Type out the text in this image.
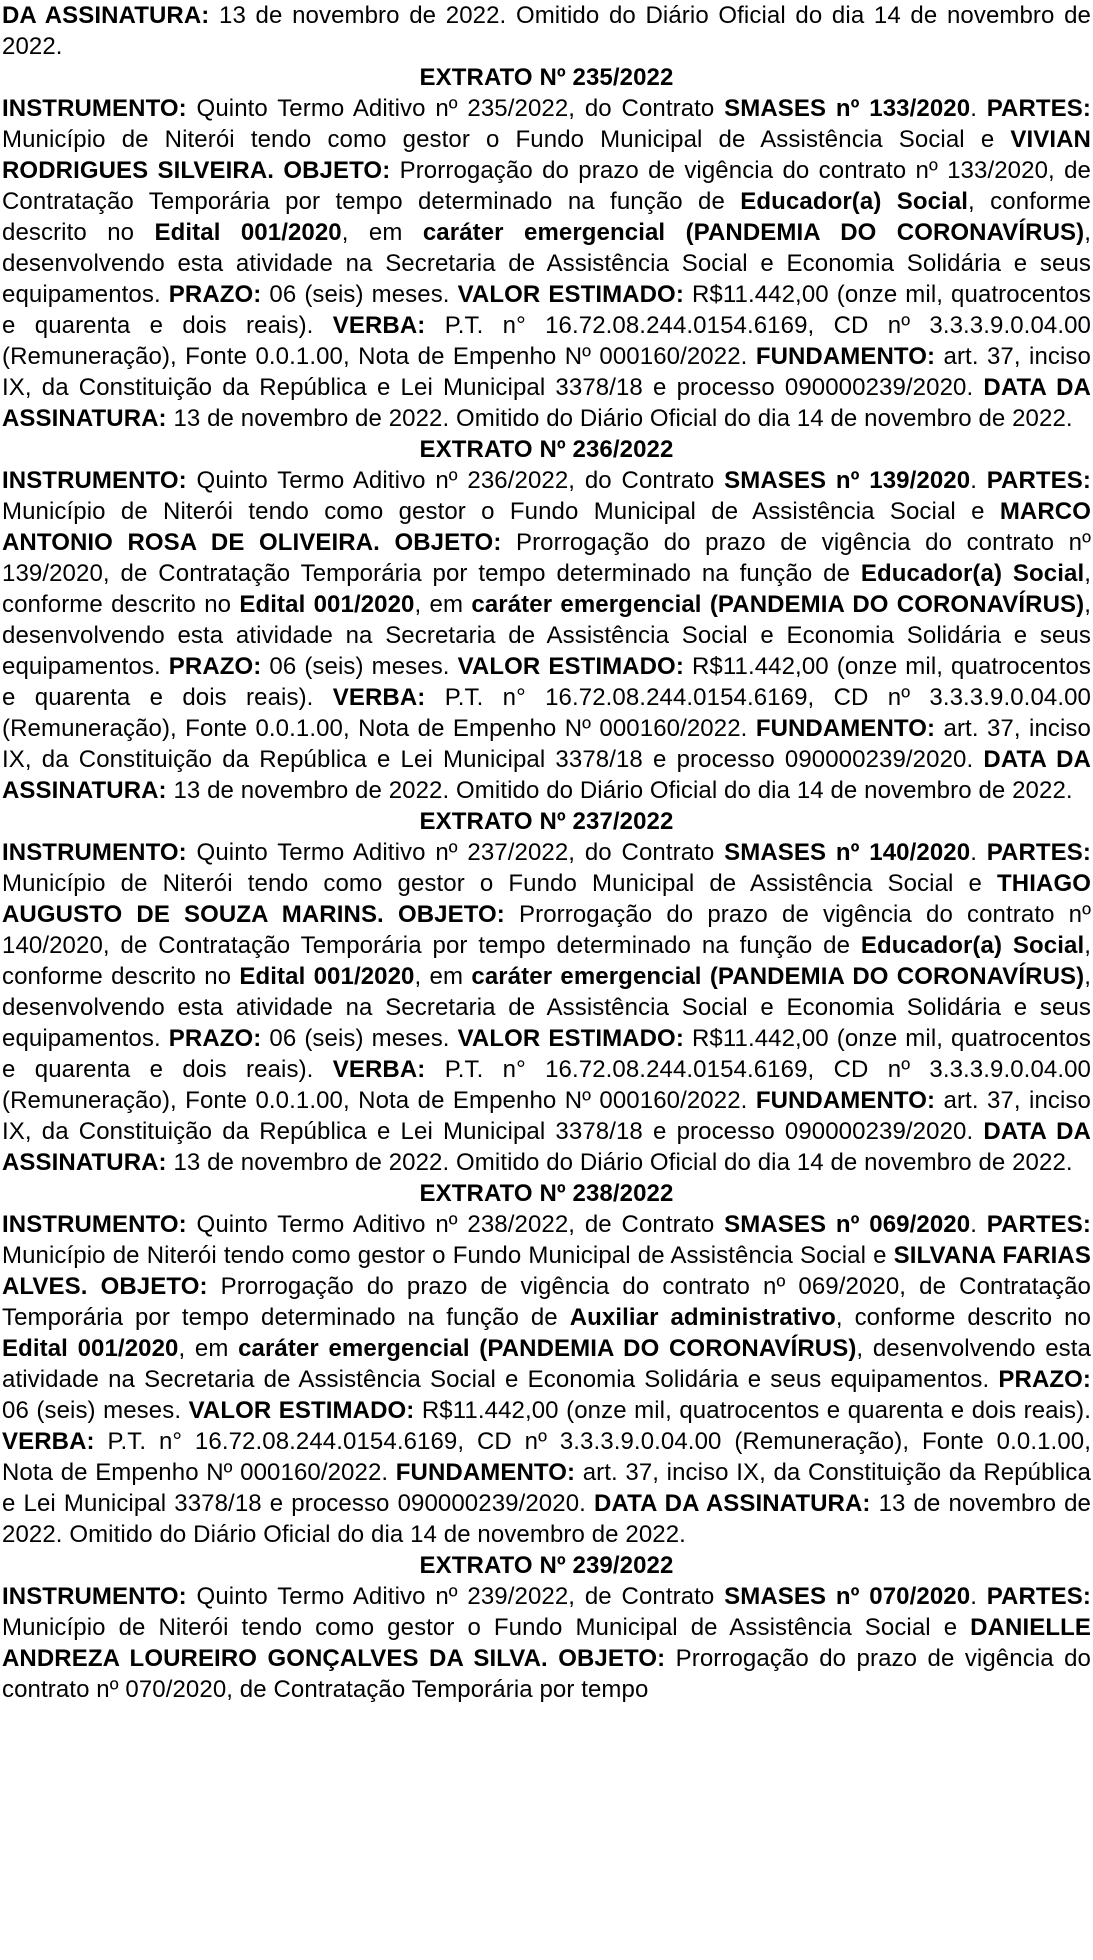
DA ASSINATURA: 13 de novembro de 2022. Omitido do Diário Oficial do dia 14 de novembro de 2022.

EXTRATO Nº 235/2022

INSTRUMENTO: Quinto Termo Aditivo nº 235/2022, do Contrato SMASES nº 133/2020. PARTES: Município de Niterói tendo como gestor o Fundo Municipal de Assistência Social e VIVIAN RODRIGUES SILVEIRA. OBJETO: Prorrogação do prazo de vigência do contrato nº 133/2020, de Contratação Temporária por tempo determinado na função de Educador(a) Social, conforme descrito no Edital 001/2020, em caráter emergencial (PANDEMIA DO CORONAVÍRUS), desenvolvendo esta atividade na Secretaria de Assistência Social e Economia Solidária e seus equipamentos. PRAZO: 06 (seis) meses. VALOR ESTIMADO: R$11.442,00 (onze mil, quatrocentos e quarenta e dois reais). VERBA: P.T. n° 16.72.08.244.0154.6169, CD nº 3.3.3.9.0.04.00 (Remuneração), Fonte 0.0.1.00, Nota de Empenho Nº 000160/2022. FUNDAMENTO: art. 37, inciso IX, da Constituição da República e Lei Municipal 3378/18 e processo 090000239/2020. DATA DA ASSINATURA: 13 de novembro de 2022. Omitido do Diário Oficial do dia 14 de novembro de 2022.

EXTRATO Nº 236/2022

INSTRUMENTO: Quinto Termo Aditivo nº 236/2022, do Contrato SMASES nº 139/2020. PARTES: Município de Niterói tendo como gestor o Fundo Municipal de Assistência Social e MARCO ANTONIO ROSA DE OLIVEIRA. OBJETO: Prorrogação do prazo de vigência do contrato nº 139/2020, de Contratação Temporária por tempo determinado na função de Educador(a) Social, conforme descrito no Edital 001/2020, em caráter emergencial (PANDEMIA DO CORONAVÍRUS), desenvolvendo esta atividade na Secretaria de Assistência Social e Economia Solidária e seus equipamentos. PRAZO: 06 (seis) meses. VALOR ESTIMADO: R$11.442,00 (onze mil, quatrocentos e quarenta e dois reais). VERBA: P.T. n° 16.72.08.244.0154.6169, CD nº 3.3.3.9.0.04.00 (Remuneração), Fonte 0.0.1.00, Nota de Empenho Nº 000160/2022. FUNDAMENTO: art. 37, inciso IX, da Constituição da República e Lei Municipal 3378/18 e processo 090000239/2020. DATA DA ASSINATURA: 13 de novembro de 2022. Omitido do Diário Oficial do dia 14 de novembro de 2022.

EXTRATO Nº 237/2022

INSTRUMENTO: Quinto Termo Aditivo nº 237/2022, do Contrato SMASES nº 140/2020. PARTES: Município de Niterói tendo como gestor o Fundo Municipal de Assistência Social e THIAGO AUGUSTO DE SOUZA MARINS. OBJETO: Prorrogação do prazo de vigência do contrato nº 140/2020, de Contratação Temporária por tempo determinado na função de Educador(a) Social, conforme descrito no Edital 001/2020, em caráter emergencial (PANDEMIA DO CORONAVÍRUS), desenvolvendo esta atividade na Secretaria de Assistência Social e Economia Solidária e seus equipamentos. PRAZO: 06 (seis) meses. VALOR ESTIMADO: R$11.442,00 (onze mil, quatrocentos e quarenta e dois reais). VERBA: P.T. n° 16.72.08.244.0154.6169, CD nº 3.3.3.9.0.04.00 (Remuneração), Fonte 0.0.1.00, Nota de Empenho Nº 000160/2022. FUNDAMENTO: art. 37, inciso IX, da Constituição da República e Lei Municipal 3378/18 e processo 090000239/2020. DATA DA ASSINATURA: 13 de novembro de 2022. Omitido do Diário Oficial do dia 14 de novembro de 2022.

EXTRATO Nº 238/2022

INSTRUMENTO: Quinto Termo Aditivo nº 238/2022, de Contrato SMASES nº 069/2020. PARTES: Município de Niterói tendo como gestor o Fundo Municipal de Assistência Social e SILVANA FARIAS ALVES. OBJETO: Prorrogação do prazo de vigência do contrato nº 069/2020, de Contratação Temporária por tempo determinado na função de Auxiliar administrativo, conforme descrito no Edital 001/2020, em caráter emergencial (PANDEMIA DO CORONAVÍRUS), desenvolvendo esta atividade na Secretaria de Assistência Social e Economia Solidária e seus equipamentos. PRAZO: 06 (seis) meses. VALOR ESTIMADO: R$11.442,00 (onze mil, quatrocentos e quarenta e dois reais). VERBA: P.T. n° 16.72.08.244.0154.6169, CD nº 3.3.3.9.0.04.00 (Remuneração), Fonte 0.0.1.00, Nota de Empenho Nº 000160/2022. FUNDAMENTO: art. 37, inciso IX, da Constituição da República e Lei Municipal 3378/18 e processo 090000239/2020. DATA DA ASSINATURA: 13 de novembro de 2022. Omitido do Diário Oficial do dia 14 de novembro de 2022.

EXTRATO Nº 239/2022

INSTRUMENTO: Quinto Termo Aditivo nº 239/2022, de Contrato SMASES nº 070/2020. PARTES: Município de Niterói tendo como gestor o Fundo Municipal de Assistência Social e DANIELLE ANDREZA LOUREIRO GONÇALVES DA SILVA. OBJETO: Prorrogação do prazo de vigência do contrato nº 070/2020, de Contratação Temporária por tempo
